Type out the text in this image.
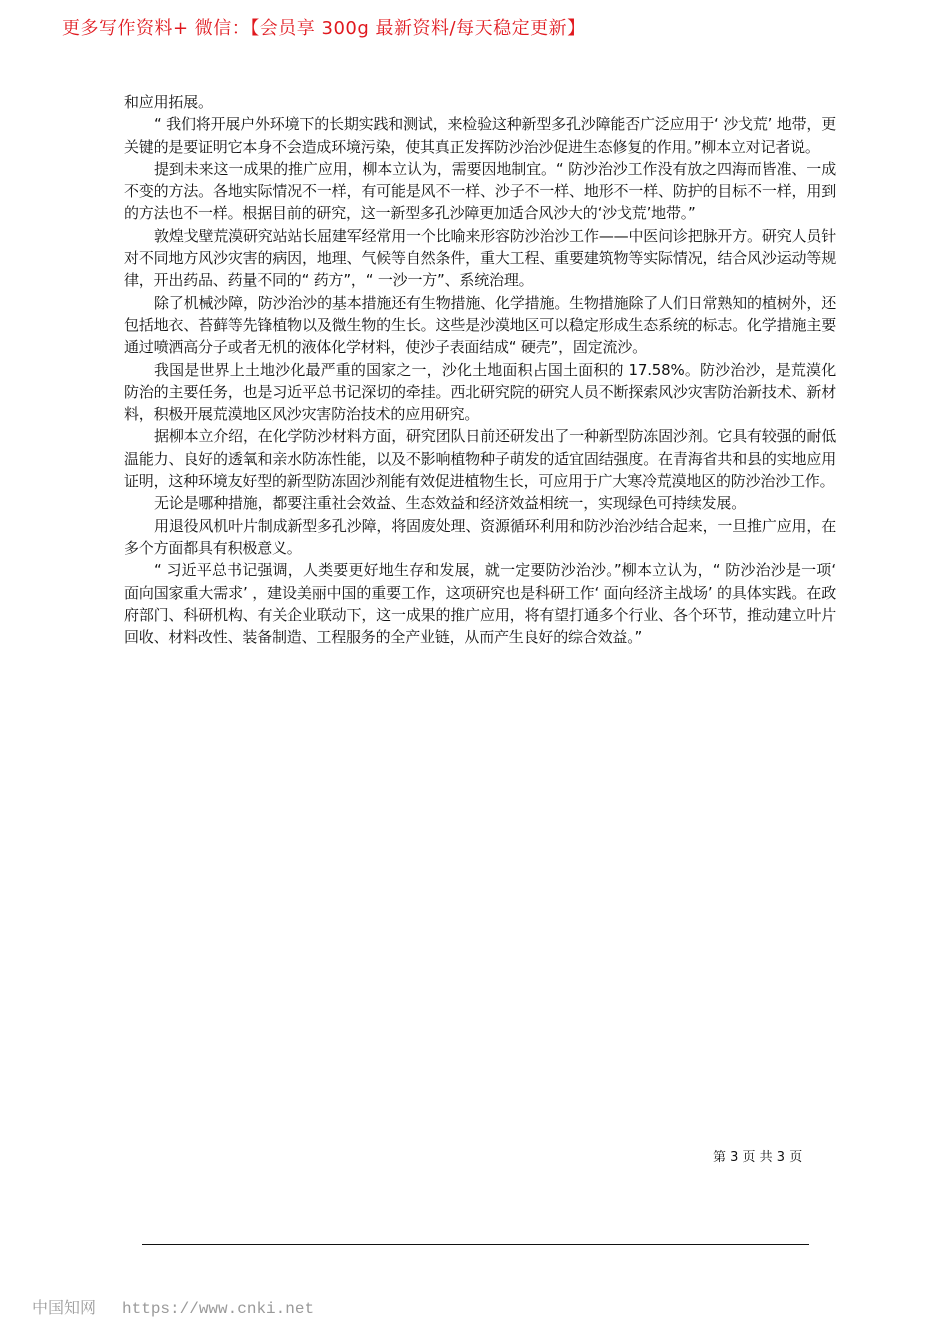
更多写作资料+ 微信：【会员享 300g 最新资料/每天稳定更新】

和应用拓展。

“ 我们将开展户外环境下的长期实践和测试，来检验这种新型多孔沙障能否广泛应用于‘ 沙戈荒’ 地带，更关键的是要证明它本身不会造成环境污染，使其真正发挥防沙治沙促进生态修复的作用。”柳本立对记者说。

提到未来这一成果的推广应用，柳本立认为，需要因地制宜。“ 防沙治沙工作没有放之四海而皆准、一成不变的方法。各地实际情况不一样，有可能是风不一样、沙子不一样、地形不一样、防护的目标不一样，用到的方法也不一样。根据目前的研究，这一新型多孔沙障更加适合风沙大的‘沙戈荒’地带。”

敦煌戈壁荒漠研究站站长屈建军经常用一个比喻来形容防沙治沙工作——中医问诊把脉开方。研究人员针对不同地方风沙灾害的病因，地理、气候等自然条件，重大工程、重要建筑物等实际情况，结合风沙运动等规律，开出药品、药量不同的“ 药方”，“ 一沙一方”、系统治理。

除了机械沙障，防沙治沙的基本措施还有生物措施、化学措施。生物措施除了人们日常熟知的植树外，还包括地衣、苔藓等先锋植物以及微生物的生长。这些是沙漠地区可以稳定形成生态系统的标志。化学措施主要通过喷洒高分子或者无机的液体化学材料，使沙子表面结成“ 硬壳”，固定流沙。

我国是世界上土地沙化最严重的国家之一，沙化土地面积占国土面积的 17.58%。防沙治沙，是荒漠化防治的主要任务，也是习近平总书记深切的牵挂。西北研究院的研究人员不断探索风沙灾害防治新技术、新材料，积极开展荒漠地区风沙灾害防治技术的应用研究。

据柳本立介绍，在化学防沙材料方面，研究团队日前还研发出了一种新型防冻固沙剂。它具有较强的耐低温能力、良好的透氧和亲水防冻性能，以及不影响植物种子萌发的适宜固结强度。在青海省共和县的实地应用证明，这种环境友好型的新型防冻固沙剂能有效促进植物生长，可应用于广大寒冷荒漠地区的防沙治沙工作。

无论是哪种措施，都要注重社会效益、生态效益和经济效益相统一，实现绿色可持续发展。

用退役风机叶片制成新型多孔沙障，将固废处理、资源循环利用和防沙治沙结合起来，一旦推广应用，在多个方面都具有积极意义。

“ 习近平总书记强调，人类要更好地生存和发展，就一定要防沙治沙。”柳本立认为，“ 防沙治沙是一项‘ 面向国家重大需求’ ，建设美丽中国的重要工作，这项研究也是科研工作‘ 面向经济主战场’ 的具体实践。在政府部门、科研机构、有关企业联动下，这一成果的推广应用，将有望打通多个行业、各个环节，推动建立叶片回收、材料改性、装备制造、工程服务的全产业链，从而产生良好的综合效益。”

第 3 页 共 3 页
中国知网 https://www.cnki.net
